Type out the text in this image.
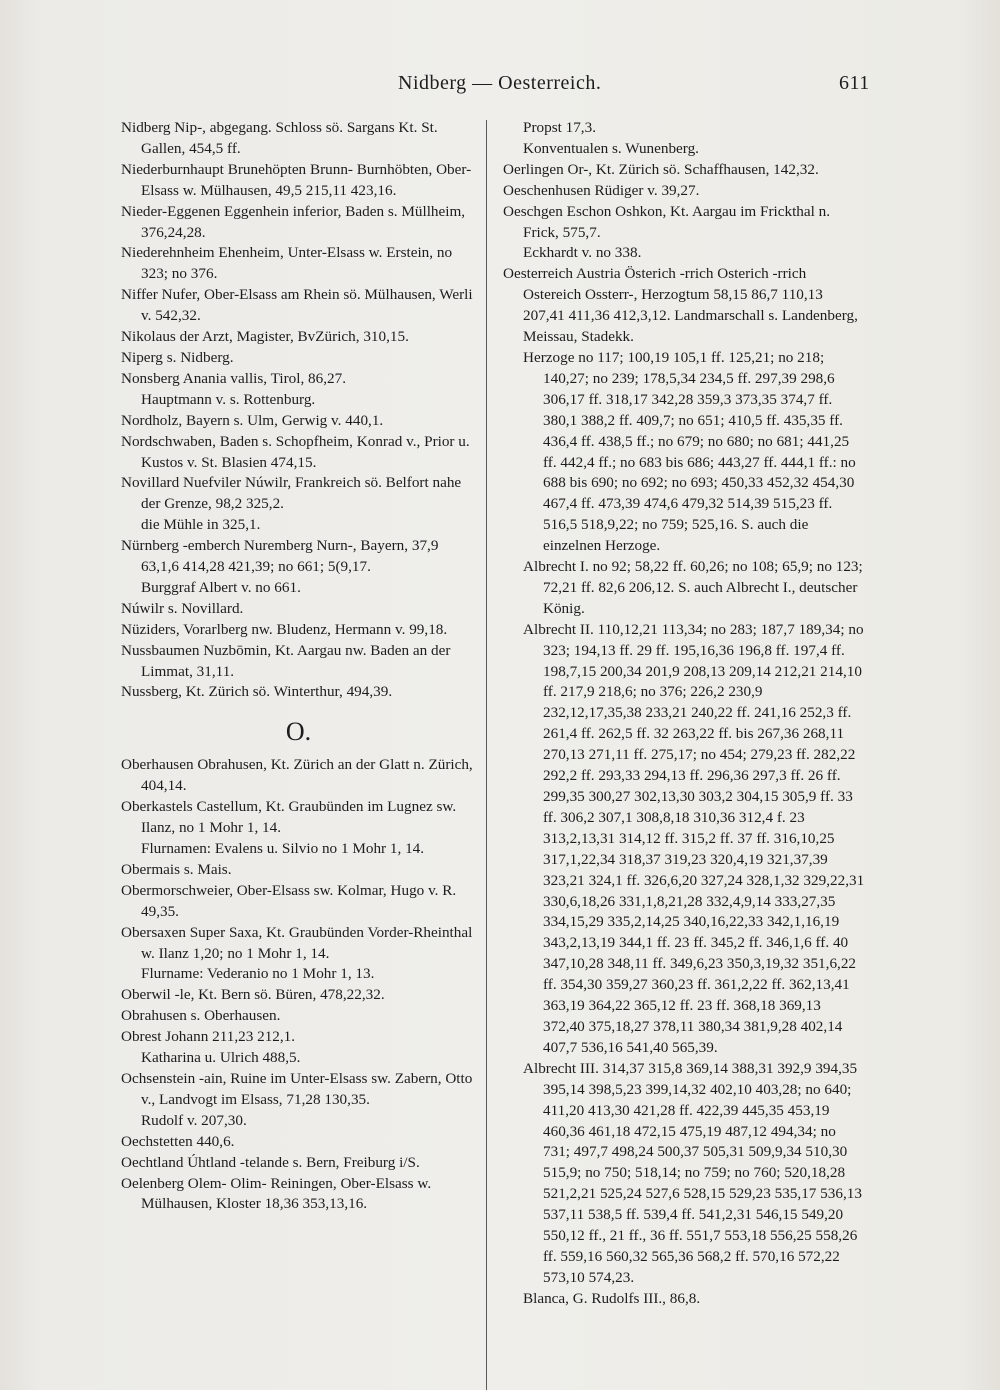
Nidberg — Oesterreich.	611

Nidberg Nip-, abgegang. Schloss sö. Sargans Kt. St. Gallen, 454,5 ff.

Niederburnhaupt Brunehöpten Brunn- Burnhöbten, Ober-Elsass w. Mülhausen, 49,5 215,11 423,16.

Nieder-Eggenen Eggenhein inferior, Baden s. Müllheim, 376,24,28.

Niederehnheim Ehenheim, Unter-Elsass w. Erstein, no 323; no 376.

Niffer Nufer, Ober-Elsass am Rhein sö. Mülhausen, Werli v. 542,32.

Nikolaus der Arzt, Magister, BvZürich, 310,15.

Niperg s. Nidberg.

Nonsberg Anania vallis, Tirol, 86,27.

Hauptmann v. s. Rottenburg.

Nordholz, Bayern s. Ulm, Gerwig v. 440,1.

Nordschwaben, Baden s. Schopfheim, Konrad v., Prior u. Kustos v. St. Blasien 474,15.

Novillard Nuefviler Núwilr, Frankreich sö. Belfort nahe der Grenze, 98,2 325,2.

die Mühle in 325,1.

Nürnberg -emberch Nuremberg Nurn-, Bayern, 37,9 63,1,6 414,28 421,39; no 661; 5(9,17.

Burggraf Albert v. no 661.

Núwilr s. Novillard.

Nüziders, Vorarlberg nw. Bludenz, Hermann v. 99,18.

Nussbaumen Nuzbōmin, Kt. Aargau nw. Baden an der Limmat, 31,11.

Nussberg, Kt. Zürich sö. Winterthur, 494,39.

O.

Oberhausen Obrahusen, Kt. Zürich an der Glatt n. Zürich, 404,14.

Oberkastels Castellum, Kt. Graubünden im Lugnez sw. Ilanz, no 1 Mohr 1, 14.

Flurnamen: Evalens u. Silvio no 1 Mohr 1, 14.

Obermais s. Mais.

Obermorschweier, Ober-Elsass sw. Kolmar, Hugo v. R. 49,35.

Obersaxen Super Saxa, Kt. Graubünden Vorder-Rheinthal w. Ilanz 1,20; no 1 Mohr 1, 14.

Flurname: Vederanio no 1 Mohr 1, 13.

Oberwil -le, Kt. Bern sö. Büren, 478,22,32.

Obrahusen s. Oberhausen.

Obrest Johann 211,23 212,1.

Katharina u. Ulrich 488,5.

Ochsenstein -ain, Ruine im Unter-Elsass sw. Zabern, Otto v., Landvogt im Elsass, 71,28 130,35.

Rudolf v. 207,30.

Oechstetten 440,6.

Oechtland Úhtland -telande s. Bern, Freiburg i/S.

Oelenberg Olem- Olim- Reiningen, Ober-Elsass w. Mülhausen, Kloster 18,36 353,13,16.

Propst 17,3.

Konventualen s. Wunenberg.

Oerlingen Or-, Kt. Zürich sö. Schaffhausen, 142,32.

Oeschenhusen Rüdiger v. 39,27.

Oeschgen Eschon Oshkon, Kt. Aargau im Frickthal n. Frick, 575,7.

Eckhardt v. no 338.

Oesterreich Austria Österich -rrich Osterich -rrich Ostereich Ossterr-, Herzogtum 58,15 86,7 110,13 207,41 411,36 412,3,12. Landmarschall s. Landenberg, Meissau, Stadekk.

Herzoge no 117; 100,19 105,1 ff. 125,21; no 218; 140,27; no 239; 178,5,34 234,5 ff. 297,39 298,6 306,17 ff. 318,17 342,28 359,3 373,35 374,7 ff. 380,1 388,2 ff. 409,7; no 651; 410,5 ff. 435,35 ff. 436,4 ff. 438,5 ff.; no 679; no 680; no 681; 441,25 ff. 442,4 ff.; no 683 bis 686; 443,27 ff. 444,1 ff.: no 688 bis 690; no 692; no 693; 450,33 452,32 454,30 467,4 ff. 473,39 474,6 479,32 514,39 515,23 ff. 516,5 518,9,22; no 759; 525,16. S. auch die einzelnen Herzoge.

Albrecht I. no 92; 58,22 ff. 60,26; no 108; 65,9; no 123; 72,21 ff. 82,6 206,12. S. auch Albrecht I., deutscher König.

Albrecht II. 110,12,21 113,34; no 283; 187,7 189,34; no 323; 194,13 ff. 29 ff. 195,16,36 196,8 ff. 197,4 ff. 198,7,15 200,34 201,9 208,13 209,14 212,21 214,10 ff. 217,9 218,6; no 376; 226,2 230,9 232,12,17,35,38 233,21 240,22 ff. 241,16 252,3 ff. 261,4 ff. 262,5 ff. 32 263,22 ff. bis 267,36 268,11 270,13 271,11 ff. 275,17; no 454; 279,23 ff. 282,22 292,2 ff. 293,33 294,13 ff. 296,36 297,3 ff. 26 ff. 299,35 300,27 302,13,30 303,2 304,15 305,9 ff. 33 ff. 306,2 307,1 308,8,18 310,36 312,4 f. 23 313,2,13,31 314,12 ff. 315,2 ff. 37 ff. 316,10,25 317,1,22,34 318,37 319,23 320,4,19 321,37,39 323,21 324,1 ff. 326,6,20 327,24 328,1,32 329,22,31 330,6,18,26 331,1,8,21,28 332,4,9,14 333,27,35 334,15,29 335,2,14,25 340,16,22,33 342,1,16,19 343,2,13,19 344,1 ff. 23 ff. 345,2 ff. 346,1,6 ff. 40 347,10,28 348,11 ff. 349,6,23 350,3,19,32 351,6,22 ff. 354,30 359,27 360,23 ff. 361,2,22 ff. 362,13,41 363,19 364,22 365,12 ff. 23 ff. 368,18 369,13 372,40 375,18,27 378,11 380,34 381,9,28 402,14 407,7 536,16 541,40 565,39.

Albrecht III. 314,37 315,8 369,14 388,31 392,9 394,35 395,14 398,5,23 399,14,32 402,10 403,28; no 640; 411,20 413,30 421,28 ff. 422,39 445,35 453,19 460,36 461,18 472,15 475,19 487,12 494,34; no 731; 497,7 498,24 500,37 505,31 509,9,34 510,30 515,9; no 750; 518,14; no 759; no 760; 520,18,28 521,2,21 525,24 527,6 528,15 529,23 535,17 536,13 537,11 538,5 ff. 539,4 ff. 541,2,31 546,15 549,20 550,12 ff., 21 ff., 36 ff. 551,7 553,18 556,25 558,26 ff. 559,16 560,32 565,36 568,2 ff. 570,16 572,22 573,10 574,23.

Blanca, G. Rudolfs III., 86,8.
